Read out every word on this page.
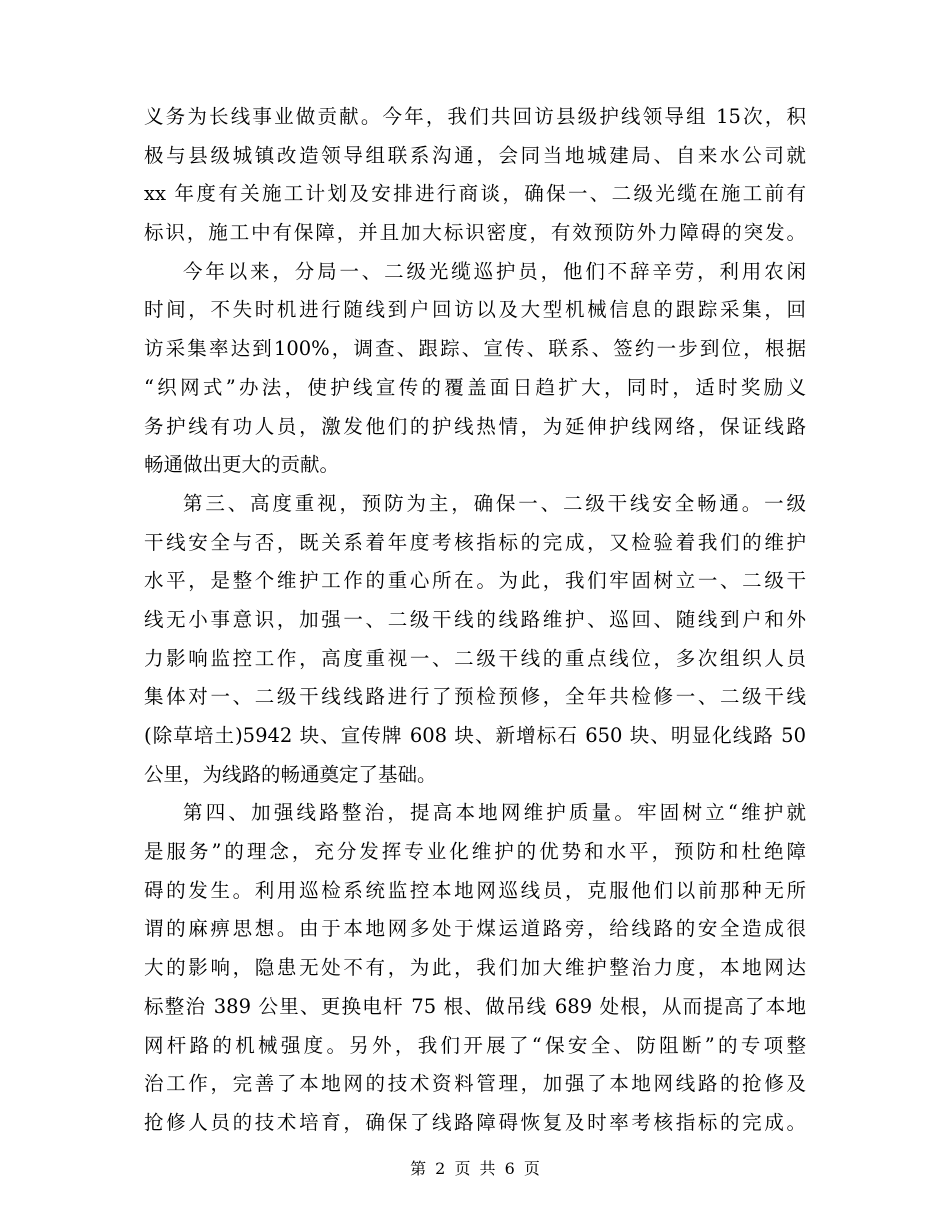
义务为长线事业做贡献。今年，我们共回访县级护线领导组 15次，积
极与县级城镇改造领导组联系沟通，会同当地城建局、自来水公司就
xx 年度有关施工计划及安排进行商谈，确保一、二级光缆在施工前有
标识，施工中有保障，并且加大标识密度，有效预防外力障碍的突发。
今年以来，分局一、二级光缆巡护员，他们不辞辛劳，利用农闲
时间，不失时机进行随线到户回访以及大型机械信息的跟踪采集，回
访采集率达到100%，调查、跟踪、宣传、联系、签约一步到位，根据
“织网式”办法，使护线宣传的覆盖面日趋扩大，同时，适时奖励义
务护线有功人员，激发他们的护线热情，为延伸护线网络，保证线路
畅通做出更大的贡献。
第三、高度重视，预防为主，确保一、二级干线安全畅通。一级
干线安全与否，既关系着年度考核指标的完成，又检验着我们的维护
水平，是整个维护工作的重心所在。为此，我们牢固树立一、二级干
线无小事意识，加强一、二级干线的线路维护、巡回、随线到户和外
力影响监控工作，高度重视一、二级干线的重点线位，多次组织人员
集体对一、二级干线线路进行了预检预修，全年共检修一、二级干线
(除草培土)5942 块、宣传牌 608 块、新增标石 650 块、明显化线路 50
公里，为线路的畅通奠定了基础。
第四、加强线路整治，提高本地网维护质量。牢固树立“维护就
是服务”的理念，充分发挥专业化维护的优势和水平，预防和杜绝障
碍的发生。利用巡检系统监控本地网巡线员，克服他们以前那种无所
谓的麻痹思想。由于本地网多处于煤运道路旁，给线路的安全造成很
大的影响，隐患无处不有，为此，我们加大维护整治力度，本地网达
标整治 389 公里、更换电杆 75 根、做吊线 689 处根，从而提高了本地
网杆路的机械强度。另外，我们开展了“保安全、防阻断”的专项整
治工作，完善了本地网的技术资料管理，加强了本地网线路的抢修及
抢修人员的技术培育，确保了线路障碍恢复及时率考核指标的完成。
第 2 页 共 6 页
